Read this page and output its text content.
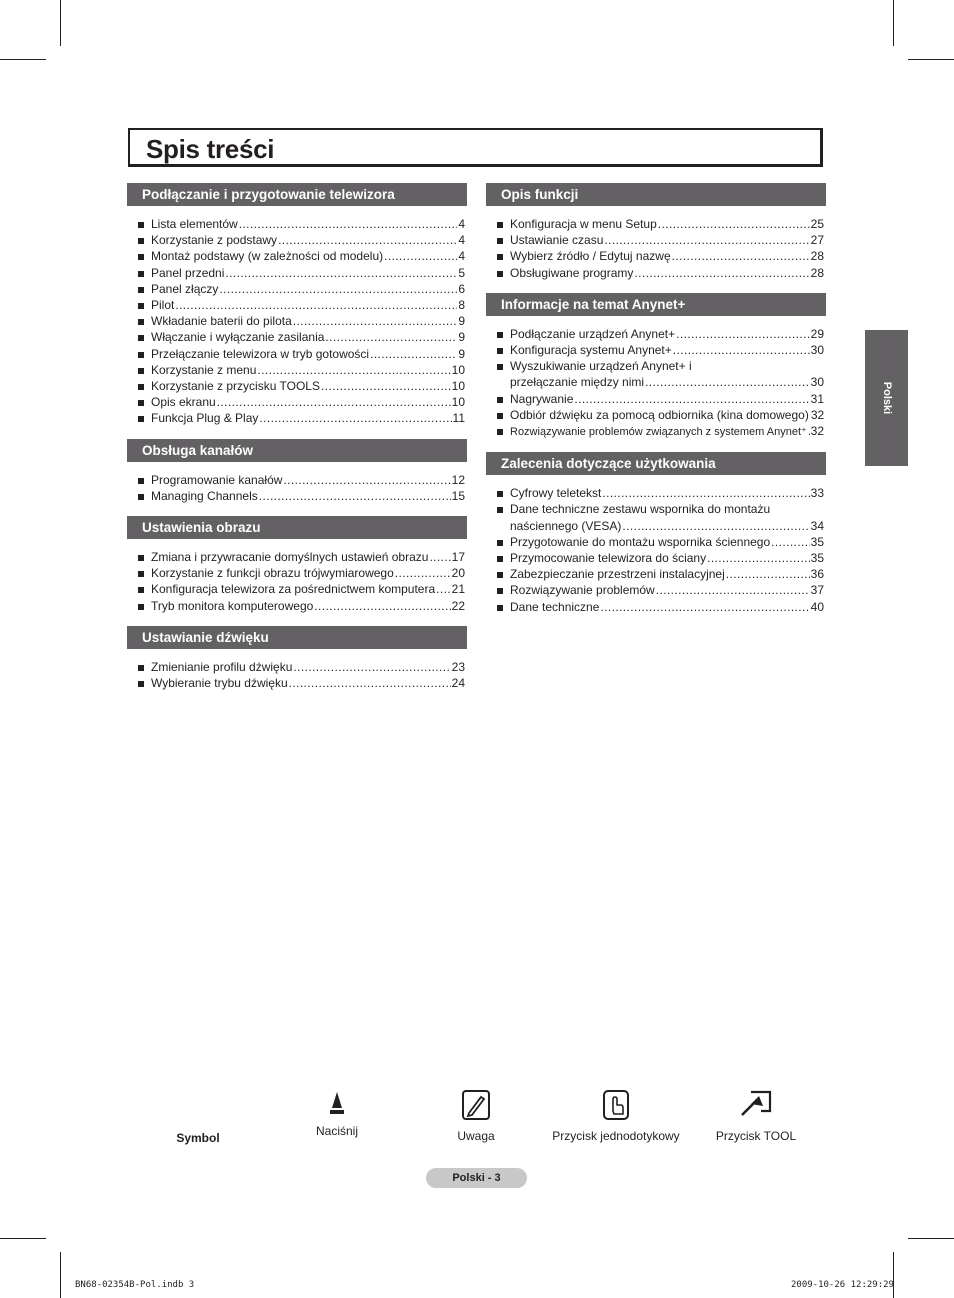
Spis treści
Podłączanie i przygotowanie telewizora
Lista elementów .....	4
Korzystanie z podstawy .....	4
Montaż podstawy (w zależności od modelu) .....	4
Panel przedni .....	5
Panel złączy .....	6
Pilot .....	8
Wkładanie baterii do pilota .....	9
Włączanie i wyłączanie zasilania .....	9
Przełączanie telewizora w tryb gotowości .....	9
Korzystanie z menu .....	10
Korzystanie z przycisku TOOLS .....	10
Opis ekranu .....	10
Funkcja Plug & Play .....	11
Obsługa kanałów
Programowanie kanałów .....	12
Managing Channels .....	15
Ustawienia obrazu
Zmiana i przywracanie domyślnych ustawień obrazu ..... 17
Korzystanie z funkcji obrazu trójwymiarowego .....	20
Konfiguracja telewizora za pośrednictwem komputera ..... 21
Tryb monitora komputerowego .....	22
Ustawianie dźwięku
Zmienianie profilu dźwięku .....	23
Wybieranie trybu dźwięku .....	24
Opis funkcji
Konfiguracja w menu Setup .....	25
Ustawianie czasu .....	27
Wybierz źródło / Edytuj nazwę .....	28
Obsługiwane programy .....	28
Informacje na temat Anynet+
Podłączanie urządzeń Anynet+ .....	29
Konfiguracja systemu Anynet+ .....	30
Wyszukiwanie urządzeń Anynet+ i
przełączanie między nimi .....	30
Nagrywanie .....	31
Odbiór dźwięku za pomocą odbiornika (kina domowego) 32
Rozwiązywanie problemów związanych z systemem Anynet⁺ ..... 32
Zalecenia dotyczące użytkowania
Cyfrowy teletekst .....	33
Dane techniczne zestawu wspornika do montażu
naściennego (VESA) .....	34
Przygotowanie do montażu wspornika ściennego .....	35
Przymocowanie telewizora do ściany .....	35
Zabezpieczanie przestrzeni instalacyjnej .....	36
Rozwiązywanie problemów .....	37
Dane techniczne .....	40
Polski
Symbol	Naciśnij	Uwaga	Przycisk jednodotykowy	Przycisk TOOL
Polski - 3
BN68-02354B-Pol.indb 3	2009-10-26 12:29:29
